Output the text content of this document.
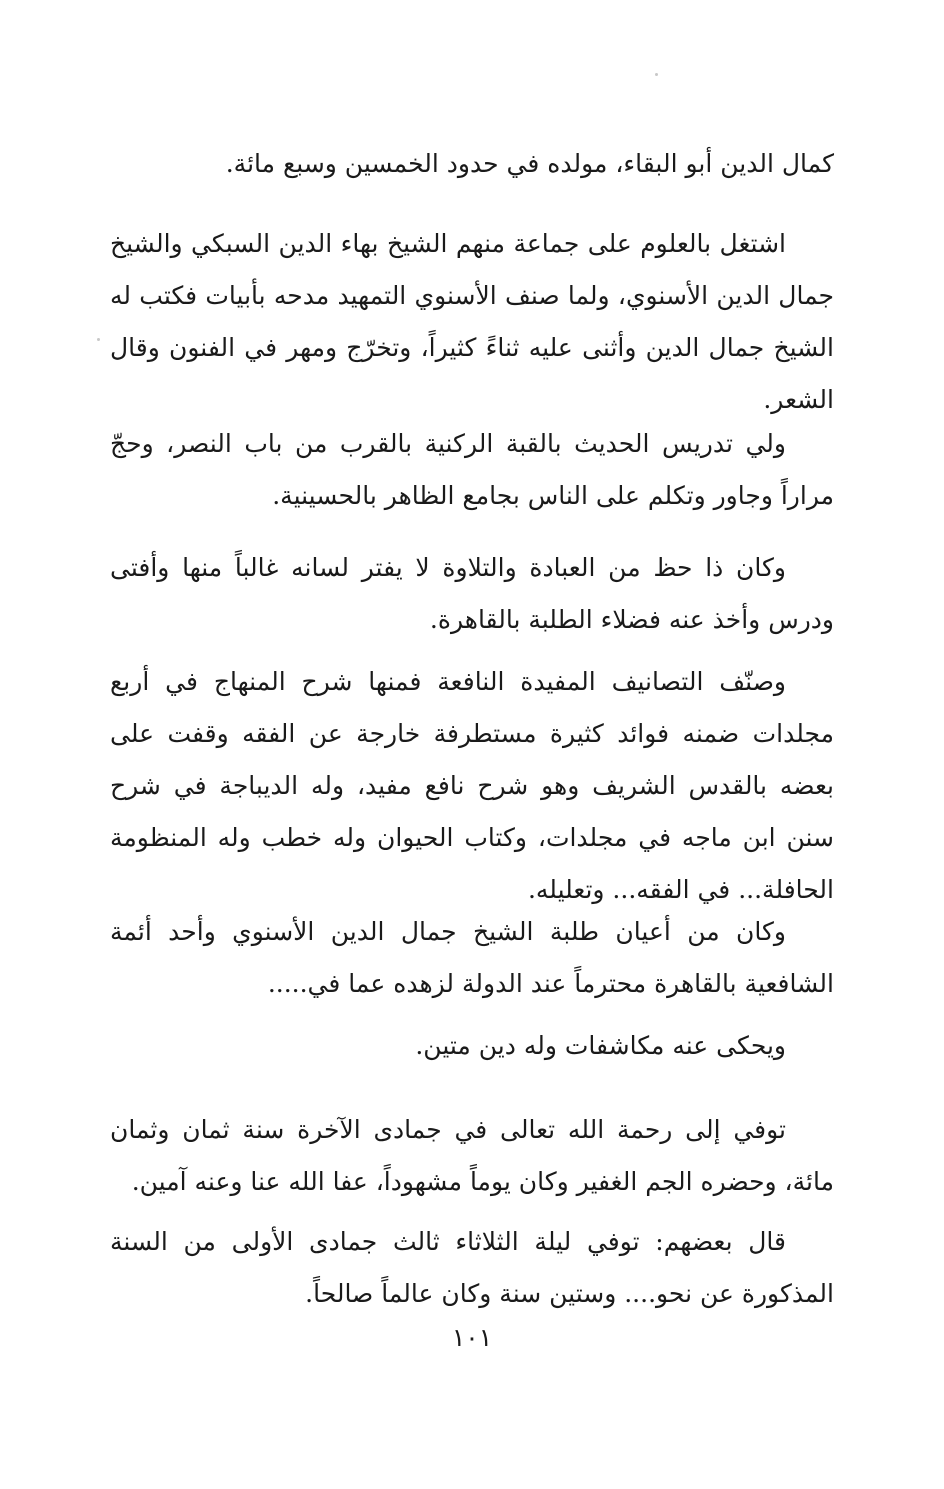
كمال الدين أبو البقاء، مولده في حدود الخمسين وسبع مائة.

اشتغل بالعلوم على جماعة منهم الشيخ بهاء الدين السبكي والشيخ جمال الدين الأسنوي، ولما صنف الأسنوي التمهيد مدحه بأبيات فكتب له الشيخ جمال الدين وأثنى عليه ثناءً كثيراً، وتخرّج ومهر في الفنون وقال الشعر.

ولي تدريس الحديث بالقبة الركنية بالقرب من باب النصر، وحجّ مراراً وجاور وتكلم على الناس بجامع الظاهر بالحسينية.

وكان ذا حظ من العبادة والتلاوة لا يفتر لسانه غالباً منها وأفتى ودرس وأخذ عنه فضلاء الطلبة بالقاهرة.

وصنّف التصانيف المفيدة النافعة فمنها شرح المنهاج في أربع مجلدات ضمنه فوائد كثيرة مستطرفة خارجة عن الفقه وقفت على بعضه بالقدس الشريف وهو شرح نافع مفيد، وله الديباجة في شرح سنن ابن ماجه في مجلدات، وكتاب الحيوان وله خطب وله المنظومة الحافلة... في الفقه... وتعليله.

وكان من أعيان طلبة الشيخ جمال الدين الأسنوي وأحد أئمة الشافعية بالقاهرة محترماً عند الدولة لزهده عما في.....

ويحكى عنه مكاشفات وله دين متين.

توفي إلى رحمة الله تعالى في جمادى الآخرة سنة ثمان وثمان مائة، وحضره الجم الغفير وكان يوماً مشهوداً، عفا الله عنا وعنه آمين.

قال بعضهم: توفي ليلة الثلاثاء ثالث جمادى الأولى من السنة المذكورة عن نحو.... وستين سنة وكان عالماً صالحاً.

١٠١
